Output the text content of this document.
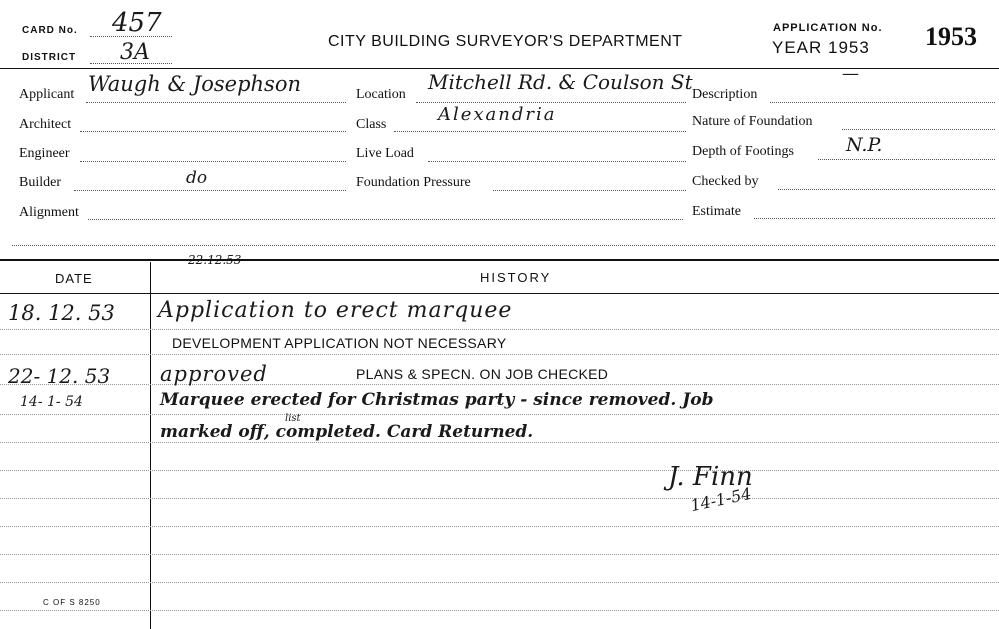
CARD No. 457
DISTRICT 3A	CITY BUILDING SURVEYOR'S DEPARTMENT
APPLICATION No.
YEAR 1953 1953
Applicant Waugh & Josephson
Architect
Engineer
Builder	do
Alignment
Location
Mitchell Rd. & Coulson St
Class	Alexandria
Live Load
Foundation Pressure
Description
—
Nature of Foundation
Depth of Footings	N.P.
Checked by
Estimate
DATE	HISTORY
22.12.53
18. 12. 53 Application to erect marquee
DEVELOPMENT APPLICATION NOT NECESSARY
22- 12. 53 approved	PLANS & SPECN. ON JOB CHECKED
14- 1- 54	Marquee erected for Christmas party - since removed. Job
list
marked off, completed. Card Returned.
J. Finn
14-1-54
C OF S 8250
